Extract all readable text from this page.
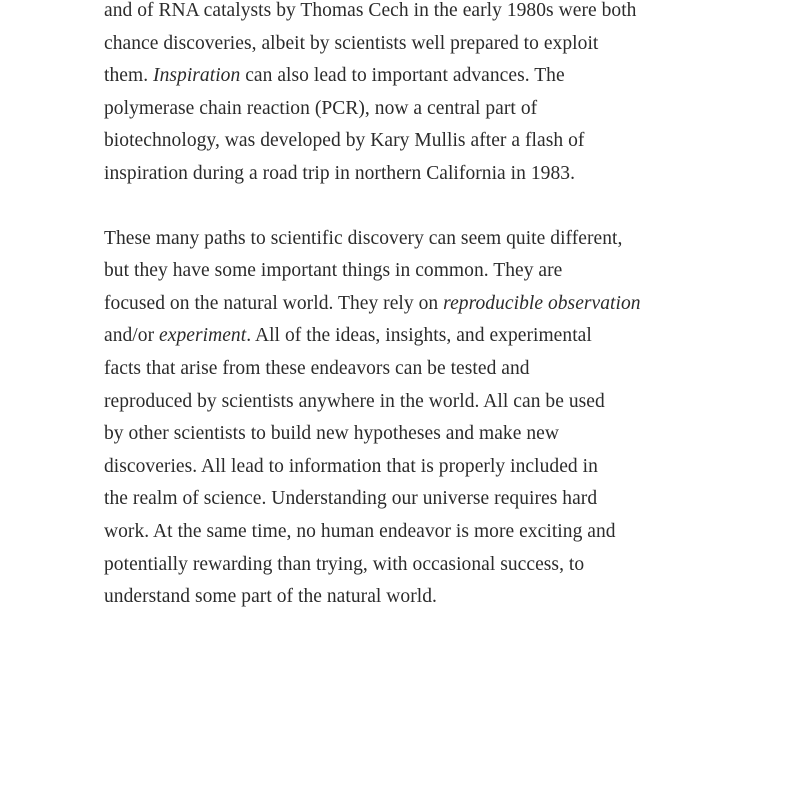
and of RNA catalysts by Thomas Cech in the early 1980s were both
chance discoveries, albeit by scientists well prepared to exploit
them. Inspiration can also lead to important advances. The
polymerase chain reaction (PCR), now a central part of
biotechnology, was developed by Kary Mullis after a flash of
inspiration during a road trip in northern California in 1983.

These many paths to scientific discovery can seem quite different,
but they have some important things in common. They are
focused on the natural world. They rely on reproducible observation
and/or experiment. All of the ideas, insights, and experimental
facts that arise from these endeavors can be tested and
reproduced by scientists anywhere in the world. All can be used
by other scientists to build new hypotheses and make new
discoveries. All lead to information that is properly included in
the realm of science. Understanding our universe requires hard
work. At the same time, no human endeavor is more exciting and
potentially rewarding than trying, with occasional success, to
understand some part of the natural world.
